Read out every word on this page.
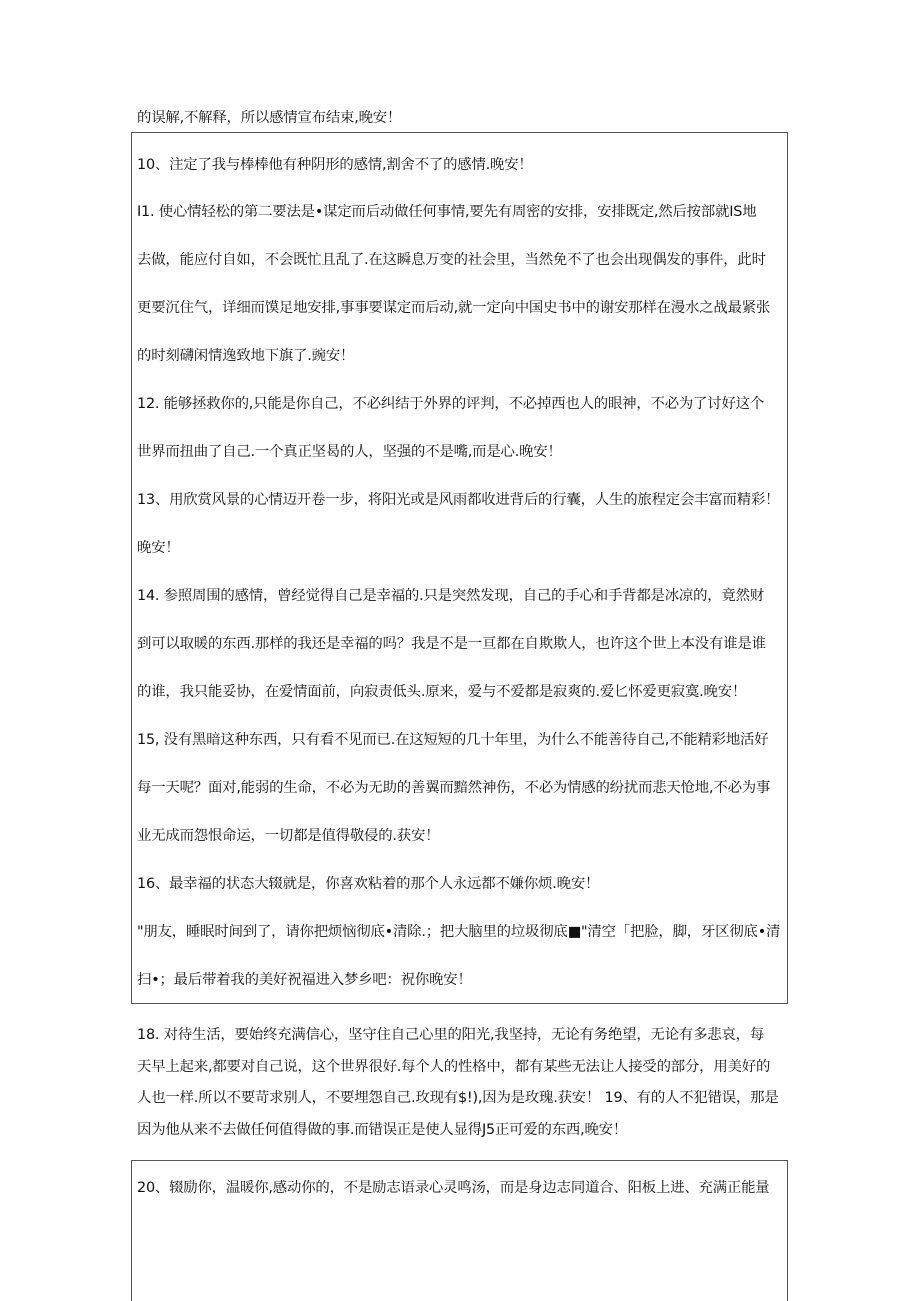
的误解,不解释，所以感情宣布结束,晚安！
10、注定了我与棒棒他有种阴形的感情,割舍不了的感情.晚安！
I1. 使心情轻松的第二要法是•谋定而后动做任何事情,要先有周密的安排，安排既定,然后按部就IS地
去做，能应付自如，不会既忙且乱了.在这瞬息万变的社会里，当然免不了也会出现偶发的事件，此时
更要沉住气，详细而馍足地安排,事事要谋定而后动,就一定向中国史书中的谢安那样在漫水之战最紧张
的时刻礴闲情逸致地下旗了.豌安！
12. 能够拯救你的,只能是你自己，不必纠结于外界的评判，不必掉西也人的眼神，不必为了讨好这个
世界而扭曲了自己.一个真正坚曷的人，坚强的不是嘴,而是心.晚安！
13、用欣赏风景的心情迈开卷一步，将阳光或是风雨都收进背后的行囊，人生的旅程定会丰富而精彩！
晚安！
14. 参照周围的感情，曾经觉得自己是幸福的.只是突然发现，自己的手心和手背都是冰凉的，竟然财
到可以取暖的东西.那样的我还是幸福的吗？我是不是一亘都在自欺欺人，也许这个世上本没有谁是谁
的谁，我只能妥协，在爱情面前，向寂责低头.原来，爱与不爱都是寂爽的.爱匕怀爱更寂寞.晚安！
15, 没有黑暗这种东西，只有看不见而已.在这短短的几十年里，为什么不能善待自己,不能精彩地活好
每一天呢？面对,能弱的生命，不必为无助的善翼而黯然神伤，不必为情感的纷扰而悲天怆地,不必为事
业无成而怨恨命运，一切都是值得敬侵的.获安！
16、最幸福的状态大辍就是，你喜欢粘着的那个人永远都不嫌你烦.晚安！
"朋友，睡眠时间到了，请你把烦恼彻底•清除.；把大脑里的垃圾彻底■"清空「把脸，脚，牙区彻底•清
扫•；最后带着我的美好祝福进入梦乡吧：祝你晚安！
18. 对待生活，要始终充满信心，坚守住自己心里的阳光,我坚持，无论有务绝望，无论有多悲哀，每
天早上起来,都要对自己说，这个世界很好.每个人的性格中，都有某些无法让人接受的部分，用美好的
人也一样.所以不要苛求别人，不要埋怨自己.玫现有$!),因为是玫瑰.获安！ 19、有的人不犯错误，那是
因为他从来不去做任何值得做的事.而错误正是使人显得J5正可爱的东西,晚安！
20、辍励你，温暖你,感动你的，不是励志语录心灵鸣汤，而是身边志同道合、阳板上进、充满正能量
